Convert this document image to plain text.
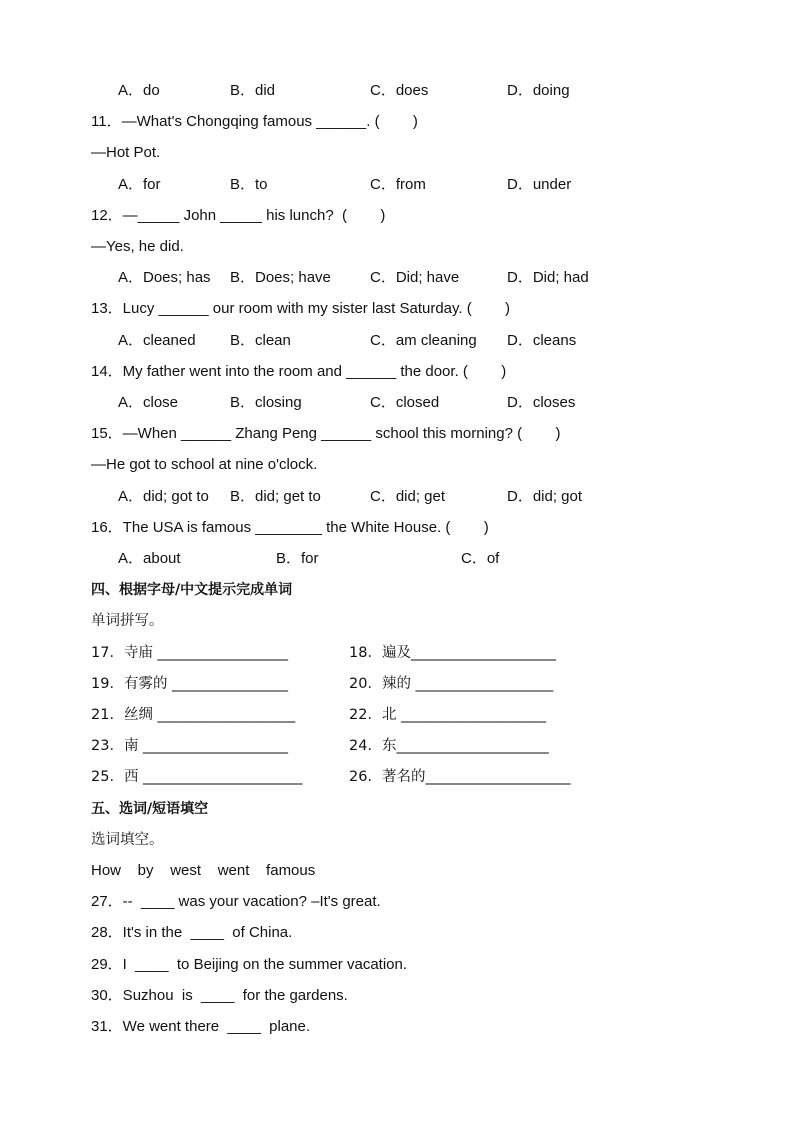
A．do	B．did	C．does	D．doing
11．—What's Chongqing famous ______. (        )
—Hot Pot.
A．for	B．to	C．from	D．under
12．—_____ John _____ his lunch?  (        )
—Yes, he did.
A．Does; has B．Does; have	C．Did; have	D．Did; had
13．Lucy ______ our room with my sister last Saturday. (        )
A．cleaned B．clean	C．am cleaning D．cleans
14．My father went into the room and ______ the door. (        )
A．close	B．closing	C．closed	D．closes
15．—When ______ Zhang Peng ______ school this morning? (        )
—He got to school at nine o'clock.
A．did; got to B．did; get to	C．did; get	D．did; got
16．The USA is famous ________ the White House. (        )
A．about	B．for	C．of
四、根据字母/中文提示完成单词
单词拼写。
17．寺庙 __________________	18．遍及____________________
19．有雾的 ________________	20．辣的 ___________________
21．丝绸 ___________________	22．北 ____________________
23．南 ____________________	24．东_____________________
25．西 ______________________	26．著名的____________________
五、选词/短语填空
选词填空。
How    by    west    went    famous
27．--  ____ was your vacation? –It's great.
28．It's in the  ____  of China.
29．I  ____  to Beijing on the summer vacation.
30．Suzhou  is  ____  for the gardens.
31．We went there  ____  plane.
